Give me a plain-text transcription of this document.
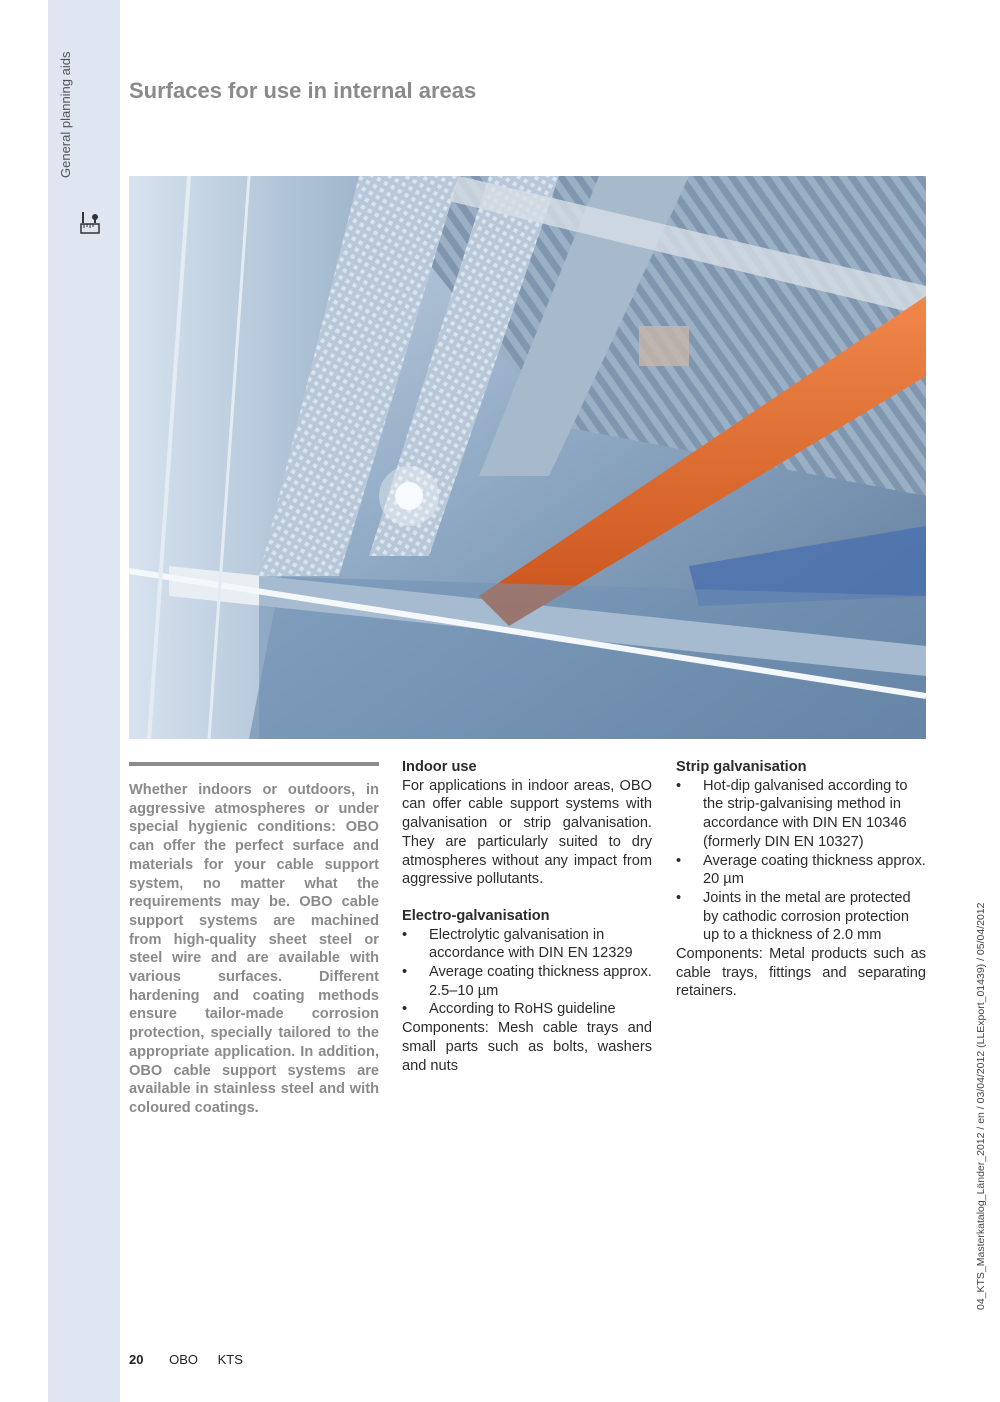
General planning aids	Surfaces for use in internal areas

Whether indoors or outdoors, in aggressive atmospheres or under special hygienic conditions: OBO can offer the perfect surface and materials for your cable support system, no matter what the requirements may be. OBO cable support systems are machined from high-quality sheet steel or steel wire and are available with various surfaces. Different hardening and coating methods ensure tailor-made corrosion protection, specially tailored to the appropriate application. In addition, OBO cable support systems are available in stainless steel and with coloured coatings.

Indoor use

For applications in indoor areas, OBO can offer cable support systems with galvanisation or strip galvanisation. They are particularly suited to dry atmospheres without any impact from aggressive pollutants.

Electro-galvanisation
• Electrolytic galvanisation in accordance with DIN EN 12329
• Average coating thickness approx. 2.5–10 µm
• According to RoHS guideline

Components: Mesh cable trays and small parts such as bolts, washers and nuts

Strip galvanisation
• Hot-dip galvanised according to the strip-galvanising method in accordance with DIN EN 10346 (formerly DIN EN 10327)
• Average coating thickness approx. 20 µm
• Joints in the metal are protected by cathodic corrosion protection up to a thickness of 2.0 mm

Components: Metal products such as cable trays, fittings and separating retainers.

20 OBO KTS
04_KTS_Masterkatalog_Länder_2012 / en / 03/04/2012 (LLExport_01439) / 05/04/2012
